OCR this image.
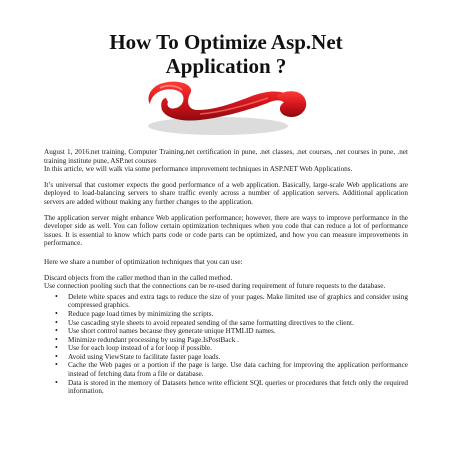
How To Optimize Asp.Net
Application ?

August 1, 2016.net training, Computer Training.net certification in pune, .net classes, .net courses, .net courses in pune, .net training institute pune, ASP.net courses

In this article, we will walk via some performance improvement techniques in ASP.NET Web Applications.

It’s universal that customer expects the good performance of a web application. Basically, large-scale Web applications are deployed to load-balancing servers to share traffic evenly across a number of application servers. Additional application servers are added without making any further changes to the application.

The application server might enhance Web application performance; however, there are ways to improve performance in the developer side as well. You can follow certain optimization techniques when you code that can reduce a lot of performance issues. It is essential to know which parts code or code parts can be optimized, and how you can measure improvements in performance.

Here we share a number of optimization techniques that you can use:

Discard objects from the caller method than in the called method.

Use connection pooling such that the connections can be re-used during requirement of future requests to the database.

• Delete white spaces and extra tags to reduce the size of your pages. Make limited use of graphics and consider using compressed graphics.
• Reduce page load times by minimizing the scripts.
• Use cascading style sheets to avoid repeated sending of the same formatting directives to the client.
• Use short control names because they generate unique HTMLID names.
• Minimize redundant processing by using Page.IsPostBack .
• Use for each loop instead of a for loop if possible.
• Avoid using ViewState to facilitate faster page loads.
• Cache the Web pages or a portion if the page is large. Use data caching for improving the application performance instead of fetching data from a file or database.
• Data is stored in the memory of Datasets hence write efficient SQL queries or procedures that fetch only the required information.
